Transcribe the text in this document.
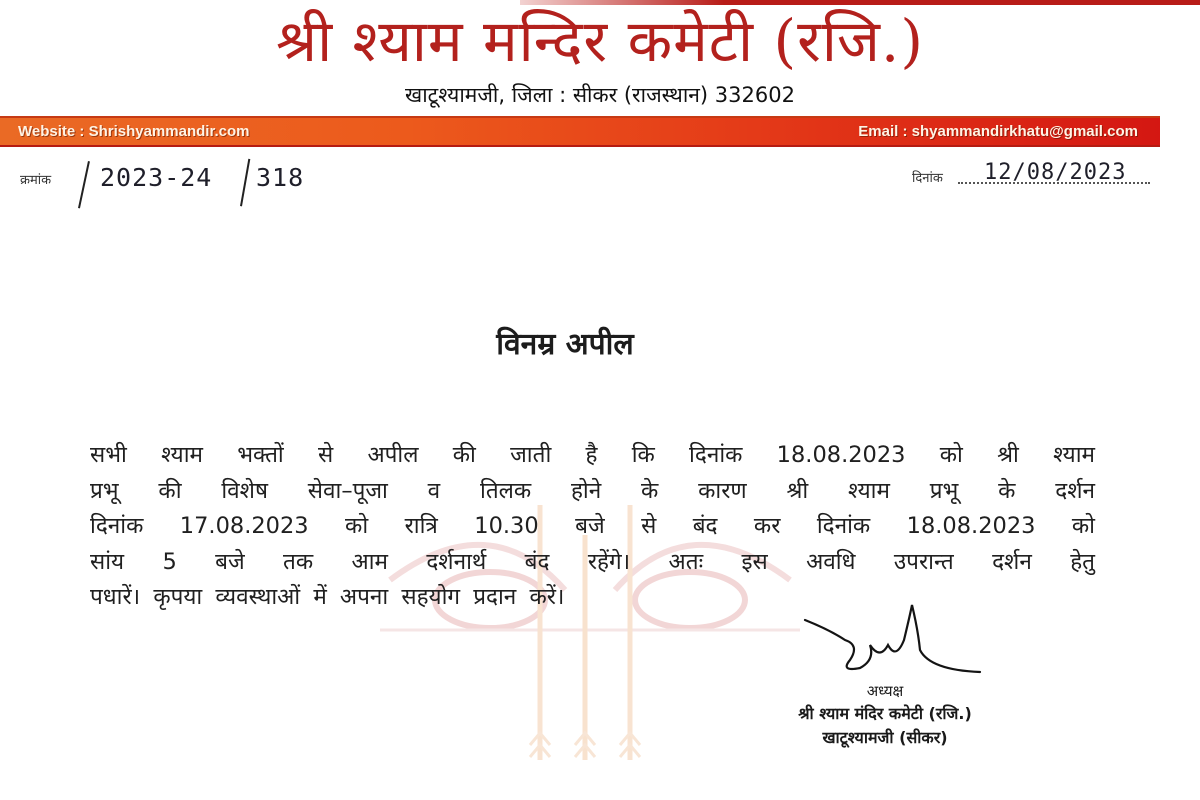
श्री श्याम मन्दिर कमेटी (रजि.)
खाटूश्यामजी, जिला : सीकर (राजस्थान) 332602
Website : Shrishyammandir.com	Email : shyammandirkhatu@gmail.com
क्रमांक 2023-24 318	दिनांक 12/08/2023
विनम्र अपील
सभी श्याम भक्तों से अपील की जाती है कि दिनांक 18.08.2023 को श्री श्याम
प्रभू की विशेष सेवा–पूजा व तिलक होने के कारण श्री श्याम प्रभू के दर्शन
दिनांक 17.08.2023 को रात्रि 10.30 बजे से बंद कर दिनांक 18.08.2023 को
सांय 5 बजे तक आम दर्शनार्थ बंद रहेंगे। अतः इस अवधि उपरान्त दर्शन हेतु
पधारें। कृपया व्यवस्थाओं में अपना सहयोग प्रदान करें।
अध्यक्ष
श्री श्याम मंदिर कमेटी (रजि.)
खाटूश्यामजी (सीकर)
